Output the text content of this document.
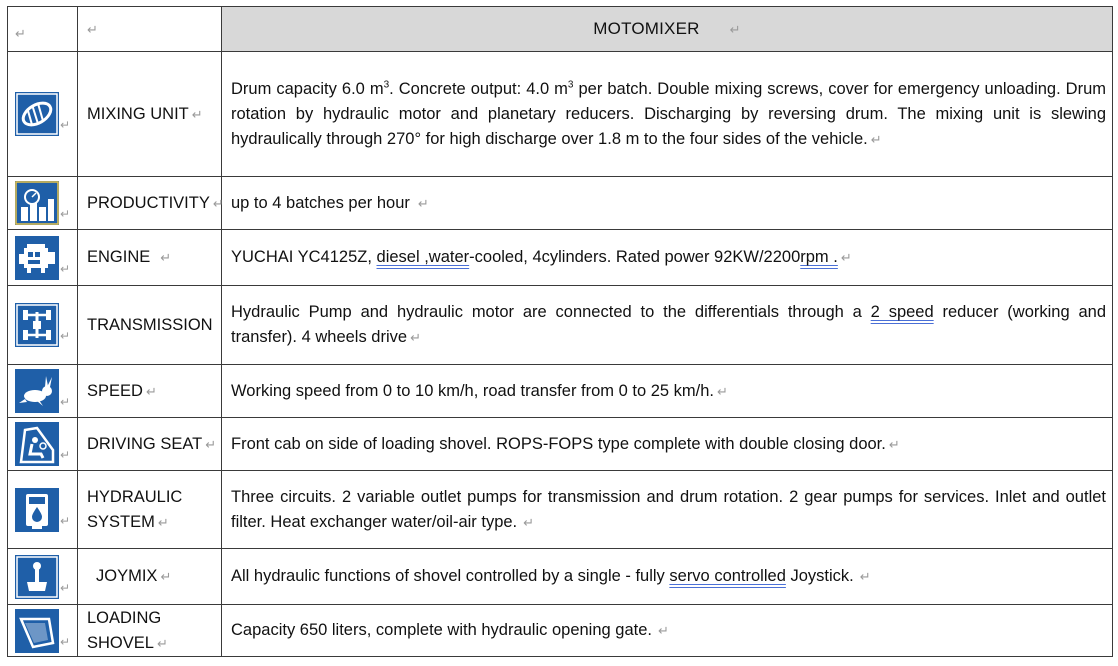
↵	↵	MOTOMIXER ↵

↵	MIXING UNIT ↵	Drum capacity 6.0 $m^3$. Concrete output: 4.0 $m^3$ per batch. Double mixing screws, cover for emergency unloading. Drum rotation by hydraulic motor and planetary reducers. Discharging by reversing drum. The mixing unit is slewing hydraulically through 270° for high discharge over 1.8 m to the four sides of the vehicle. ↵

↵	PRODUCTIVITY ↵	up to 4 batches per hour ↵

↵	ENGINE ↵	YUCHAI YC4125Z, diesel ,water-cooled, 4cylinders. Rated power 92KW/2200rpm . ↵

↵	TRANSMISSION	Hydraulic Pump and hydraulic motor are connected to the differentials through a 2 speed reducer (working and transfer). 4 wheels drive ↵

↵	SPEED ↵	Working speed from 0 to 10 km/h, road transfer from 0 to 25 km/h. ↵

↵	DRIVING SEAT ↵	Front cab on side of loading shovel. ROPS-FOPS type complete with double closing door. ↵

↵	HYDRAULIC
SYSTEM ↵	Three circuits. 2 variable outlet pumps for transmission and drum rotation. 2 gear pumps for services. Inlet and outlet filter. Heat exchanger water/oil-air type. ↵

↵	JOYMIX ↵	All hydraulic functions of shovel controlled by a single - fully servo controlled Joystick. ↵

↵	LOADING
SHOVEL ↵	Capacity 650 liters, complete with hydraulic opening gate. ↵
